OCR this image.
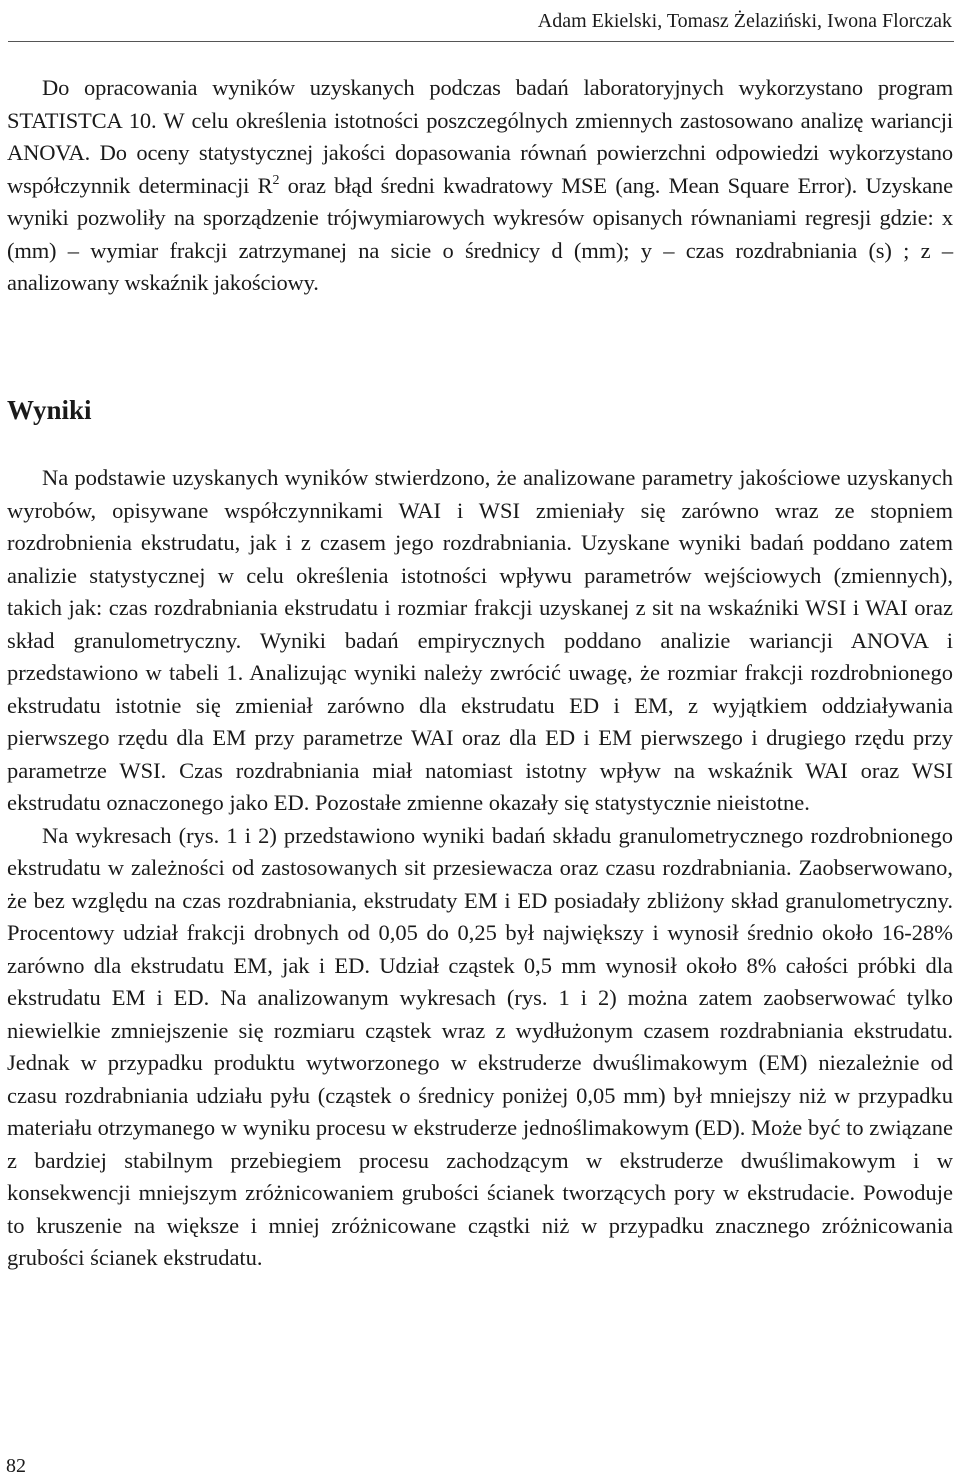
Adam Ekielski, Tomasz Żelaziński, Iwona Florczak

Do opracowania wyników uzyskanych podczas badań laboratoryjnych wykorzystano program STATISTCA 10. W celu określenia istotności poszczególnych zmiennych zastosowano analizę wariancji ANOVA. Do oceny statystycznej jakości dopasowania równań powierzchni odpowiedzi wykorzystano współczynnik determinacji $R^2$ oraz błąd średni kwadratowy MSE (ang. Mean Square Error). Uzyskane wyniki pozwoliły na sporządzenie trójwymiarowych wykresów opisanych równaniami regresji gdzie: x (mm) – wymiar frakcji zatrzymanej na sicie o średnicy d (mm); y – czas rozdrabniania (s) ; z – analizowany wskaźnik jakościowy.

Wyniki

Na podstawie uzyskanych wyników stwierdzono, że analizowane parametry jakościowe uzyskanych wyrobów, opisywane współczynnikami WAI i WSI zmieniały się zarówno wraz ze stopniem rozdrobnienia ekstrudatu, jak i z czasem jego rozdrabniania. Uzyskane wyniki badań poddano zatem analizie statystycznej w celu określenia istotności wpływu parametrów wejściowych (zmiennych), takich jak: czas rozdrabniania ekstrudatu i rozmiar frakcji uzyskanej z sit na wskaźniki WSI i WAI oraz skład granulometryczny. Wyniki badań empirycznych poddano analizie wariancji ANOVA i przedstawiono w tabeli 1. Analizując wyniki należy zwrócić uwagę, że rozmiar frakcji rozdrobnionego ekstrudatu istotnie się zmieniał zarówno dla ekstrudatu ED i EM, z wyjątkiem oddziaływania pierwszego rzędu dla EM przy parametrze WAI oraz dla ED i EM pierwszego i drugiego rzędu przy parametrze WSI. Czas rozdrabniania miał natomiast istotny wpływ na wskaźnik WAI oraz WSI ekstrudatu oznaczonego jako ED. Pozostałe zmienne okazały się statystycznie nieistotne.

Na wykresach (rys. 1 i 2) przedstawiono wyniki badań składu granulometrycznego rozdrobnionego ekstrudatu w zależności od zastosowanych sit przesiewacza oraz czasu rozdrabniania. Zaobserwowano, że bez względu na czas rozdrabniania, ekstrudaty EM i ED posiadały zbliżony skład granulometryczny. Procentowy udział frakcji drobnych od 0,05 do 0,25 był największy i wynosił średnio około 16-28% zarówno dla ekstrudatu EM, jak i ED. Udział cząstek 0,5 mm wynosił około 8% całości próbki dla ekstrudatu EM i ED. Na analizowanym wykresach (rys. 1 i 2) można zatem zaobserwować tylko niewielkie zmniejszenie się rozmiaru cząstek wraz z wydłużonym czasem rozdrabniania ekstrudatu. Jednak w przypadku produktu wytworzonego w ekstruderze dwuślimakowym (EM) niezależnie od czasu rozdrabniania udziału pyłu (cząstek o średnicy poniżej 0,05 mm) był mniejszy niż w przypadku materiału otrzymanego w wyniku procesu w ekstruderze jednoślimakowym (ED). Może być to związane z bardziej stabilnym przebiegiem procesu zachodzącym w ekstruderze dwuślimakowym i w konsekwencji mniejszym zróżnicowaniem grubości ścianek tworzących pory w ekstrudacie. Powoduje to kruszenie na większe i mniej zróżnicowane cząstki niż w przypadku znacznego zróżnicowania grubości ścianek ekstrudatu.

82
